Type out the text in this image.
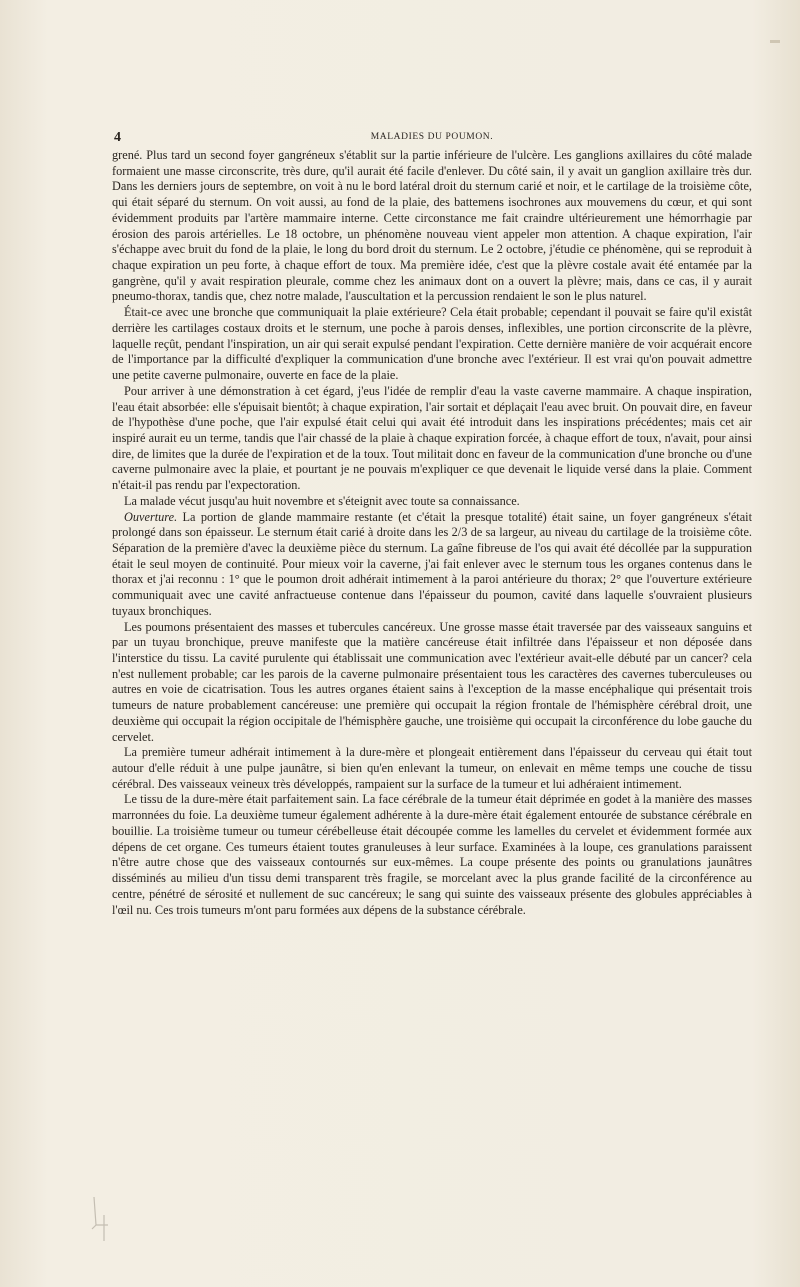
4	MALADIES DU POUMON.

grené. Plus tard un second foyer gangréneux s'établit sur la partie inférieure de l'ulcère. Les ganglions axillaires du côté malade formaient une masse circonscrite, très dure, qu'il aurait été facile d'enlever. Du côté sain, il y avait un ganglion axillaire très dur. Dans les derniers jours de septembre, on voit à nu le bord latéral droit du sternum carié et noir, et le cartilage de la troisième côte, qui était séparé du sternum. On voit aussi, au fond de la plaie, des battemens isochrones aux mouvemens du cœur, et qui sont évidemment produits par l'artère mammaire interne. Cette circonstance me fait craindre ultérieurement une hémorrhagie par érosion des parois artérielles. Le 18 octobre, un phénomène nouveau vient appeler mon attention. A chaque expiration, l'air s'échappe avec bruit du fond de la plaie, le long du bord droit du sternum. Le 2 octobre, j'étudie ce phénomène, qui se reproduit à chaque expiration un peu forte, à chaque effort de toux. Ma première idée, c'est que la plèvre costale avait été entamée par la gangrène, qu'il y avait respiration pleurale, comme chez les animaux dont on a ouvert la plèvre; mais, dans ce cas, il y aurait pneumo-thorax, tandis que, chez notre malade, l'auscultation et la percussion rendaient le son le plus naturel.

Était-ce avec une bronche que communiquait la plaie extérieure? Cela était probable; cependant il pouvait se faire qu'il existât derrière les cartilages costaux droits et le sternum, une poche à parois denses, inflexibles, une portion circonscrite de la plèvre, laquelle reçût, pendant l'inspiration, un air qui serait expulsé pendant l'expiration. Cette dernière manière de voir acquérait encore de l'importance par la difficulté d'expliquer la communication d'une bronche avec l'extérieur. Il est vrai qu'on pouvait admettre une petite caverne pulmonaire, ouverte en face de la plaie.

Pour arriver à une démonstration à cet égard, j'eus l'idée de remplir d'eau la vaste caverne mammaire. A chaque inspiration, l'eau était absorbée: elle s'épuisait bientôt; à chaque expiration, l'air sortait et déplaçait l'eau avec bruit. On pouvait dire, en faveur de l'hypothèse d'une poche, que l'air expulsé était celui qui avait été introduit dans les inspirations précédentes; mais cet air inspiré aurait eu un terme, tandis que l'air chassé de la plaie à chaque expiration forcée, à chaque effort de toux, n'avait, pour ainsi dire, de limites que la durée de l'expiration et de la toux. Tout militait donc en faveur de la communication d'une bronche ou d'une caverne pulmonaire avec la plaie, et pourtant je ne pouvais m'expliquer ce que devenait le liquide versé dans la plaie. Comment n'était-il pas rendu par l'expectoration.

La malade vécut jusqu'au huit novembre et s'éteignit avec toute sa connaissance.

Ouverture. La portion de glande mammaire restante (et c'était la presque totalité) était saine, un foyer gangréneux s'était prolongé dans son épaisseur. Le sternum était carié à droite dans les 2/3 de sa largeur, au niveau du cartilage de la troisième côte. Séparation de la première d'avec la deuxième pièce du sternum. La gaîne fibreuse de l'os qui avait été décollée par la suppuration était le seul moyen de continuité. Pour mieux voir la caverne, j'ai fait enlever avec le sternum tous les organes contenus dans le thorax et j'ai reconnu : 1° que le poumon droit adhérait intimement à la paroi antérieure du thorax; 2° que l'ouverture extérieure communiquait avec une cavité anfractueuse contenue dans l'épaisseur du poumon, cavité dans laquelle s'ouvraient plusieurs tuyaux bronchiques.

Les poumons présentaient des masses et tubercules cancéreux. Une grosse masse était traversée par des vaisseaux sanguins et par un tuyau bronchique, preuve manifeste que la matière cancéreuse était infiltrée dans l'épaisseur et non déposée dans l'interstice du tissu. La cavité purulente qui établissait une communication avec l'extérieur avait-elle débuté par un cancer? cela n'est nullement probable; car les parois de la caverne pulmonaire présentaient tous les caractères des cavernes tuberculeuses ou autres en voie de cicatrisation. Tous les autres organes étaient sains à l'exception de la masse encéphalique qui présentait trois tumeurs de nature probablement cancéreuse: une première qui occupait la région frontale de l'hémisphère cérébral droit, une deuxième qui occupait la région occipitale de l'hémisphère gauche, une troisième qui occupait la circonférence du lobe gauche du cervelet.

La première tumeur adhérait intimement à la dure-mère et plongeait entièrement dans l'épaisseur du cerveau qui était tout autour d'elle réduit à une pulpe jaunâtre, si bien qu'en enlevant la tumeur, on enlevait en même temps une couche de tissu cérébral. Des vaisseaux veineux très développés, rampaient sur la surface de la tumeur et lui adhéraient intimement.

Le tissu de la dure-mère était parfaitement sain. La face cérébrale de la tumeur était déprimée en godet à la manière des masses marronnées du foie. La deuxième tumeur également adhérente à la dure-mère était également entourée de substance cérébrale en bouillie. La troisième tumeur ou tumeur cérébelleuse était découpée comme les lamelles du cervelet et évidemment formée aux dépens de cet organe. Ces tumeurs étaient toutes granuleuses à leur surface. Examinées à la loupe, ces granulations paraissent n'être autre chose que des vaisseaux contournés sur eux-mêmes. La coupe présente des points ou granulations jaunâtres disséminés au milieu d'un tissu demi transparent très fragile, se morcelant avec la plus grande facilité de la circonférence au centre, pénétré de sérosité et nullement de suc cancéreux; le sang qui suinte des vaisseaux présente des globules appréciables à l'œil nu. Ces trois tumeurs m'ont paru formées aux dépens de la substance cérébrale.
